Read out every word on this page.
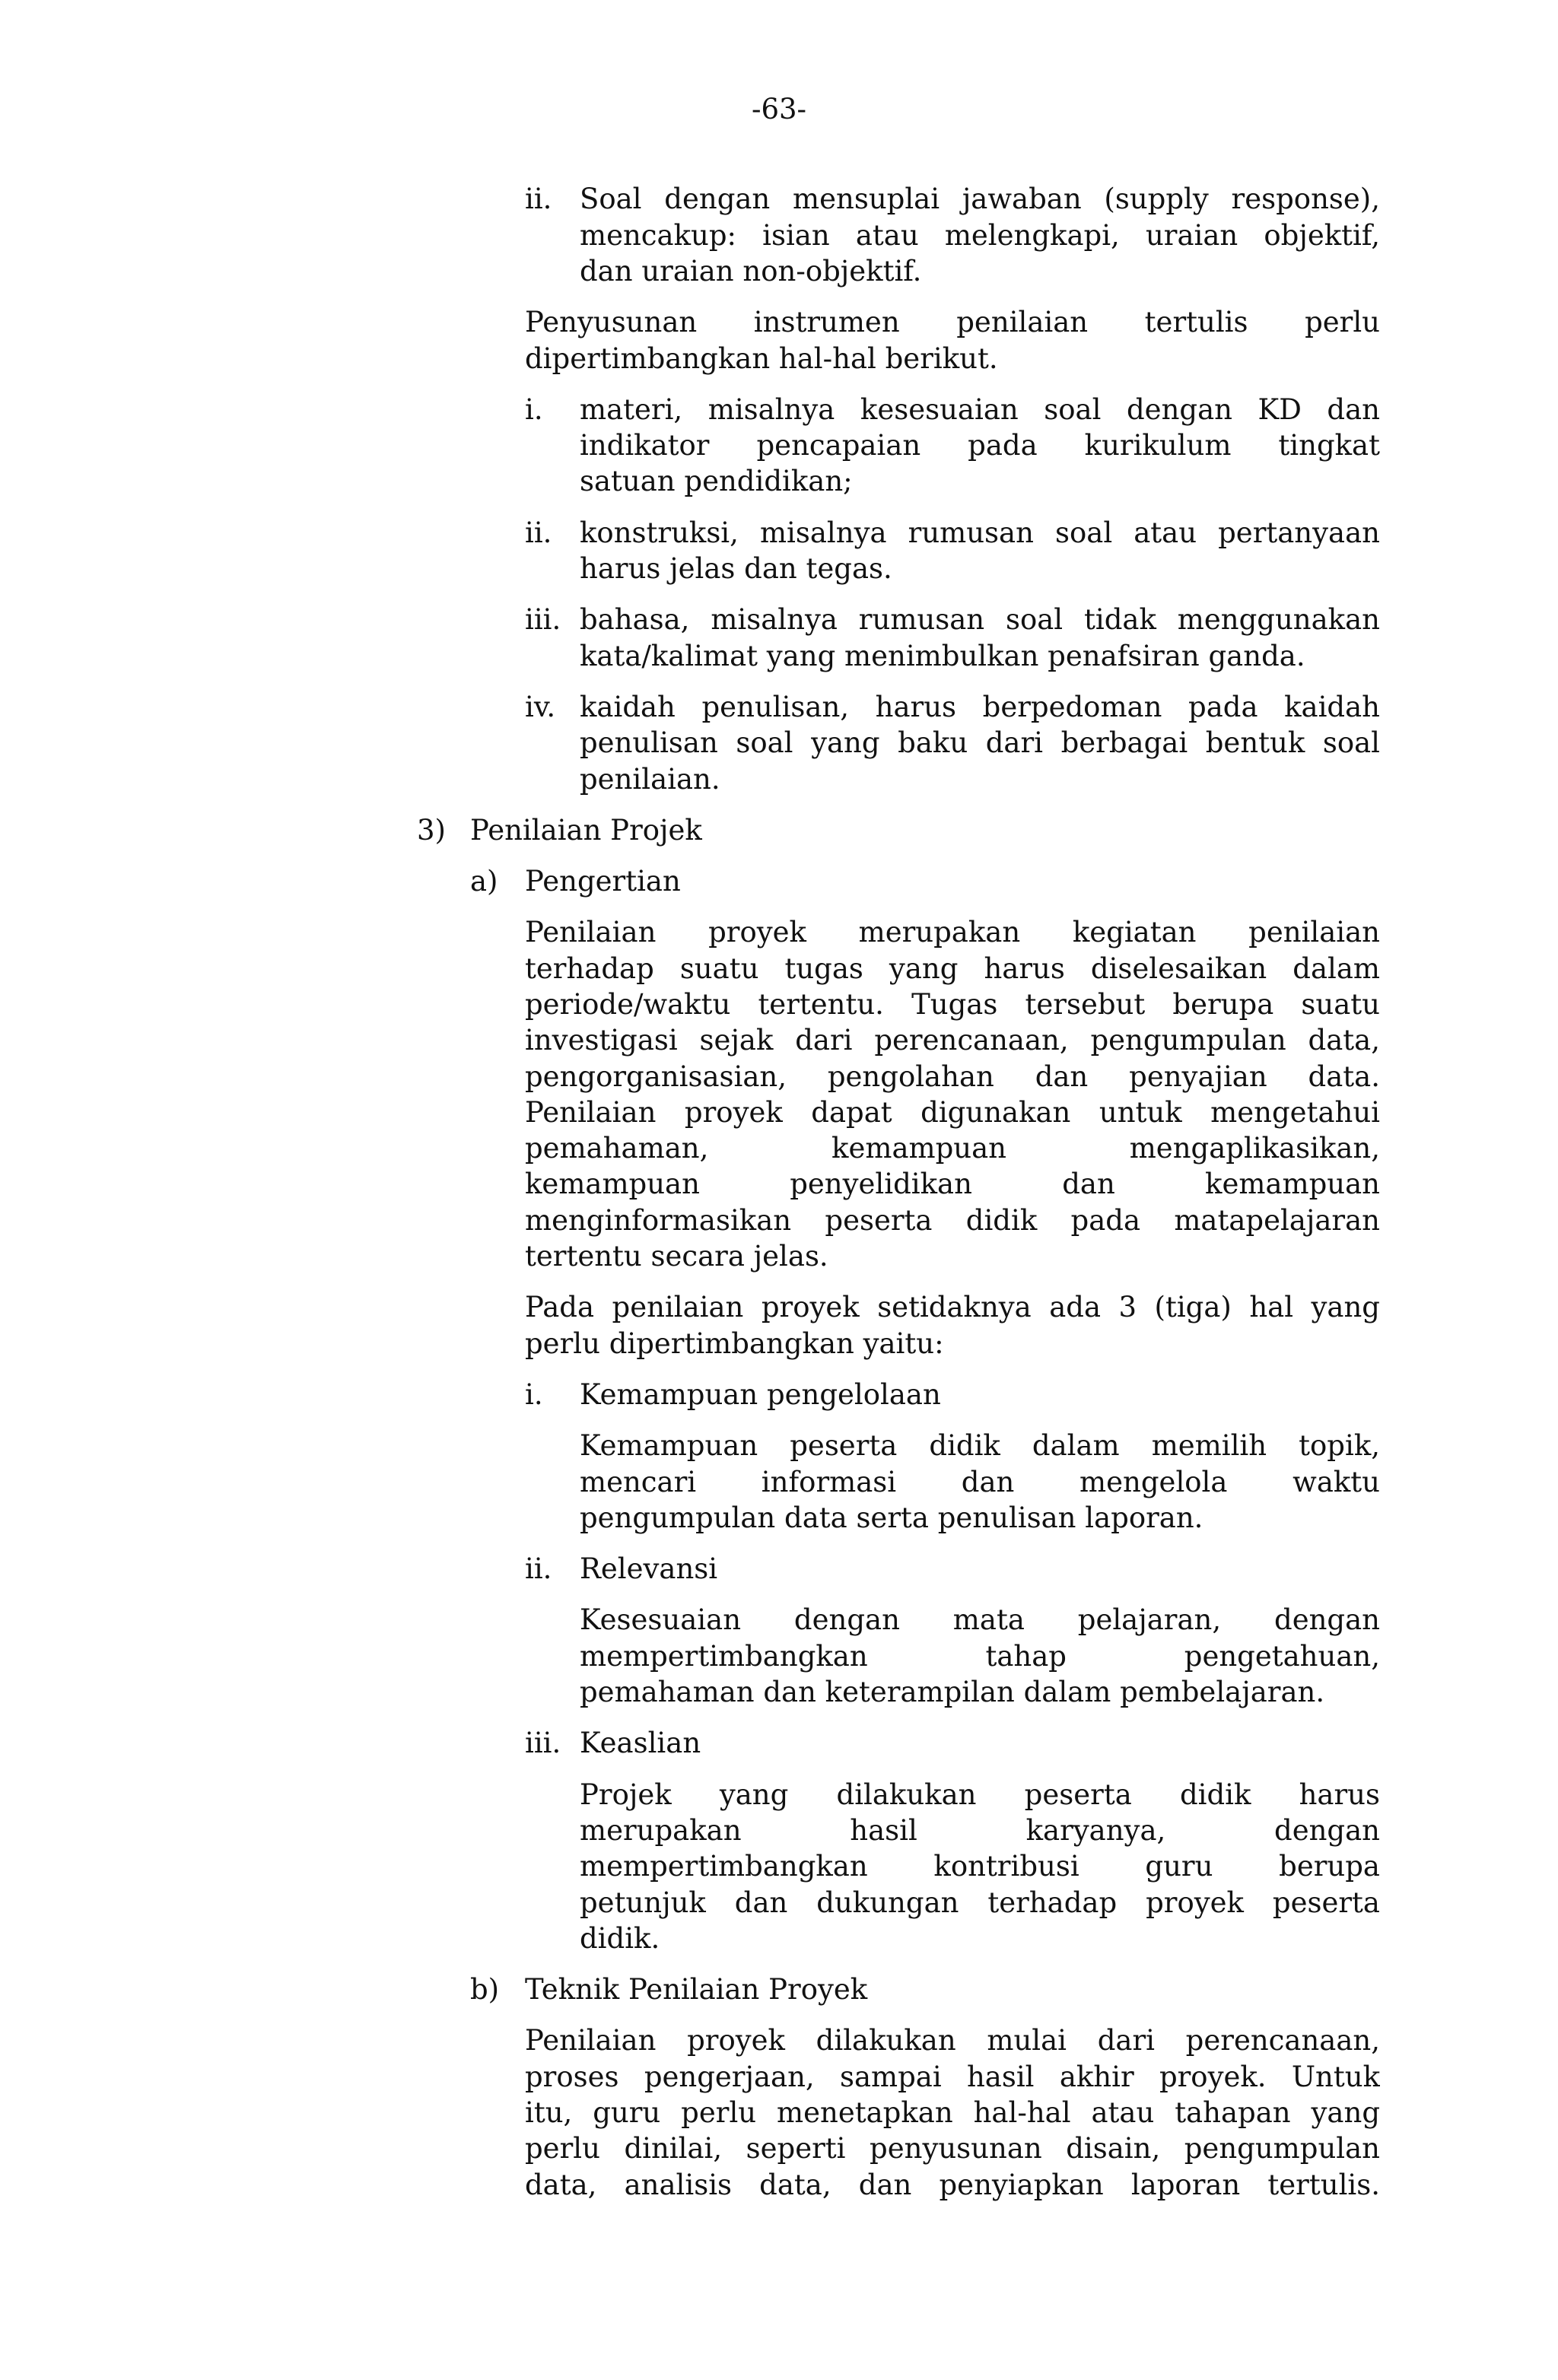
-63-
ii. Soal dengan mensuplai jawaban (supply response),
mencakup: isian atau melengkapi, uraian objektif,
dan uraian non-objektif.
Penyusunan instrumen penilaian tertulis perlu
dipertimbangkan hal-hal berikut.
i. materi, misalnya kesesuaian soal dengan KD dan
indikator pencapaian pada kurikulum tingkat
satuan pendidikan;
ii. konstruksi, misalnya rumusan soal atau pertanyaan
harus jelas dan tegas.
iii. bahasa, misalnya rumusan soal tidak menggunakan
kata/kalimat yang menimbulkan penafsiran ganda.
iv. kaidah penulisan, harus berpedoman pada kaidah
penulisan soal yang baku dari berbagai bentuk soal
penilaian.
3) Penilaian Projek
a) Pengertian
Penilaian proyek merupakan kegiatan penilaian
terhadap suatu tugas yang harus diselesaikan dalam
periode/waktu tertentu. Tugas tersebut berupa suatu
investigasi sejak dari perencanaan, pengumpulan data,
pengorganisasian, pengolahan dan penyajian data.
Penilaian proyek dapat digunakan untuk mengetahui
pemahaman, kemampuan mengaplikasikan,
kemampuan penyelidikan dan kemampuan
menginformasikan peserta didik pada matapelajaran
tertentu secara jelas.
Pada penilaian proyek setidaknya ada 3 (tiga) hal yang
perlu dipertimbangkan yaitu:
i. Kemampuan pengelolaan
Kemampuan peserta didik dalam memilih topik,
mencari informasi dan mengelola waktu
pengumpulan data serta penulisan laporan.
ii. Relevansi
Kesesuaian dengan mata pelajaran, dengan
mempertimbangkan tahap pengetahuan,
pemahaman dan keterampilan dalam pembelajaran.
iii. Keaslian
Projek yang dilakukan peserta didik harus
merupakan hasil karyanya, dengan
mempertimbangkan kontribusi guru berupa
petunjuk dan dukungan terhadap proyek peserta
didik.
b) Teknik Penilaian Proyek
Penilaian proyek dilakukan mulai dari perencanaan,
proses pengerjaan, sampai hasil akhir proyek. Untuk
itu, guru perlu menetapkan hal-hal atau tahapan yang
perlu dinilai, seperti penyusunan disain, pengumpulan
data, analisis data, dan penyiapkan laporan tertulis.
